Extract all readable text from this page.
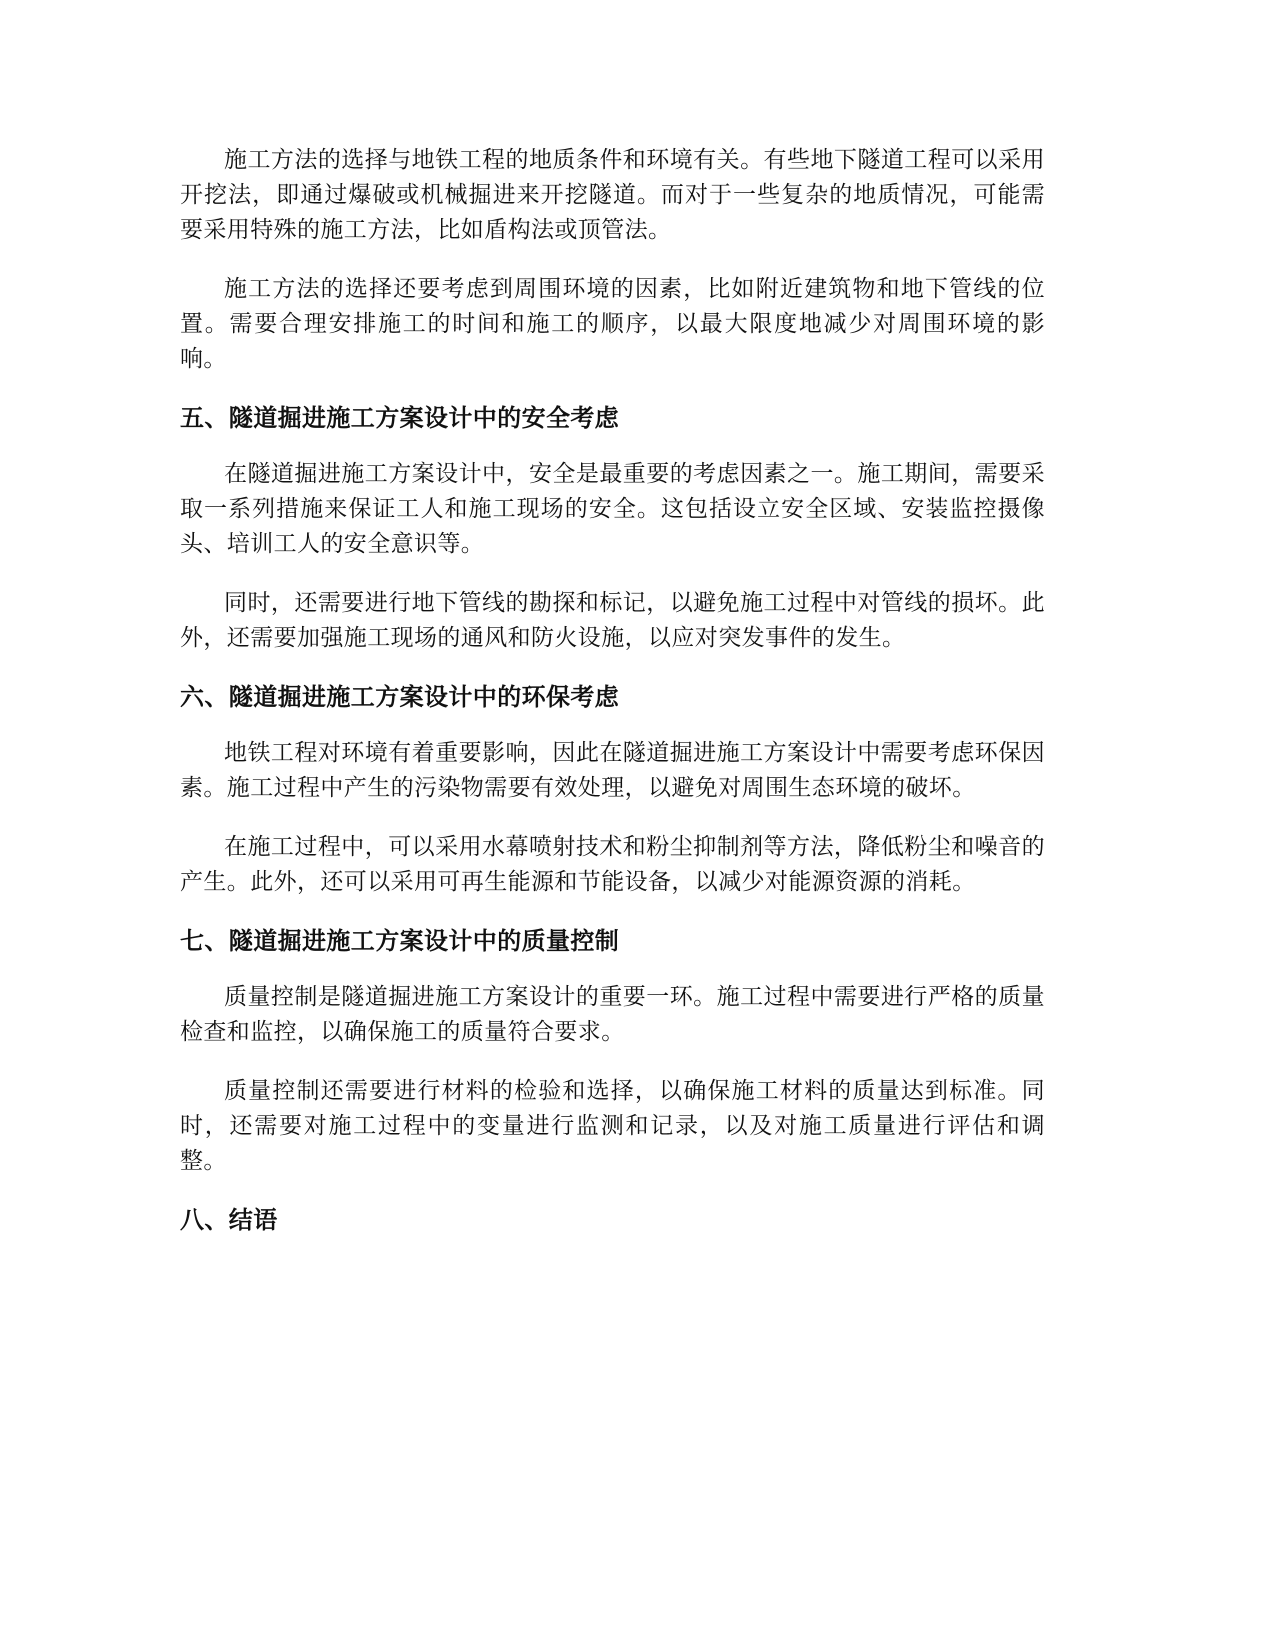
施工方法的选择与地铁工程的地质条件和环境有关。有些地下隧道工程可以采用开挖法，即通过爆破或机械掘进来开挖隧道。而对于一些复杂的地质情况，可能需要采用特殊的施工方法，比如盾构法或顶管法。

施工方法的选择还要考虑到周围环境的因素，比如附近建筑物和地下管线的位置。需要合理安排施工的时间和施工的顺序，以最大限度地减少对周围环境的影响。

五、隧道掘进施工方案设计中的安全考虑

在隧道掘进施工方案设计中，安全是最重要的考虑因素之一。施工期间，需要采取一系列措施来保证工人和施工现场的安全。这包括设立安全区域、安装监控摄像头、培训工人的安全意识等。

同时，还需要进行地下管线的勘探和标记，以避免施工过程中对管线的损坏。此外，还需要加强施工现场的通风和防火设施，以应对突发事件的发生。

六、隧道掘进施工方案设计中的环保考虑

地铁工程对环境有着重要影响，因此在隧道掘进施工方案设计中需要考虑环保因素。施工过程中产生的污染物需要有效处理，以避免对周围生态环境的破坏。

在施工过程中，可以采用水幕喷射技术和粉尘抑制剂等方法，降低粉尘和噪音的产生。此外，还可以采用可再生能源和节能设备，以减少对能源资源的消耗。

七、隧道掘进施工方案设计中的质量控制

质量控制是隧道掘进施工方案设计的重要一环。施工过程中需要进行严格的质量检查和监控，以确保施工的质量符合要求。

质量控制还需要进行材料的检验和选择，以确保施工材料的质量达到标准。同时，还需要对施工过程中的变量进行监测和记录，以及对施工质量进行评估和调整。

八、结语
